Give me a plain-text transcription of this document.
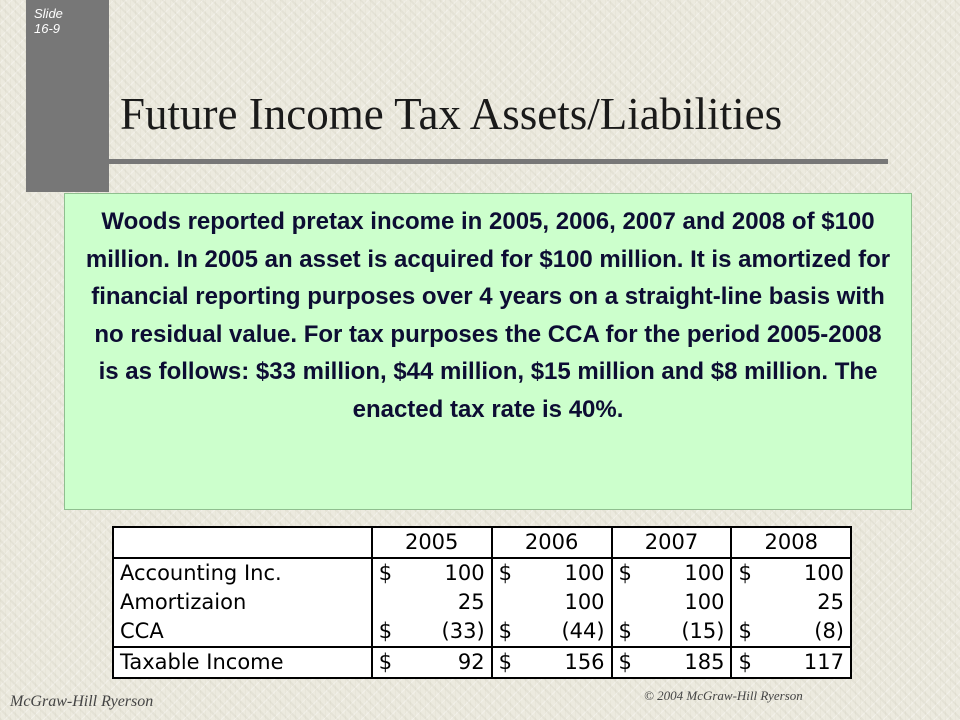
Slide
16-9
Future Income Tax Assets/Liabilities

Woods reported pretax income in 2005, 2006, 2007 and 2008 of $100 million. In 2005 an asset is acquired for $100 million. It is amortized for financial reporting purposes over 4 years on a straight-line basis with no residual value. For tax purposes the CCA for the period 2005-2008 is as follows: $33 million, $44 million, $15 million and $8 million. The enacted tax rate is 40%.

	2005	2006	2007	2008
Accounting Inc.	$ 100	$ 100	$ 100	$ 100

Amortizaion	25	100	100	25

CCA	$ (33)	$ (44)	$ (15)	$ (8)

Taxable Income	$ 92	$ 156	$ 185	$ 117
McGraw-Hill Ryerson	© 2004 McGraw-Hill Ryerson
